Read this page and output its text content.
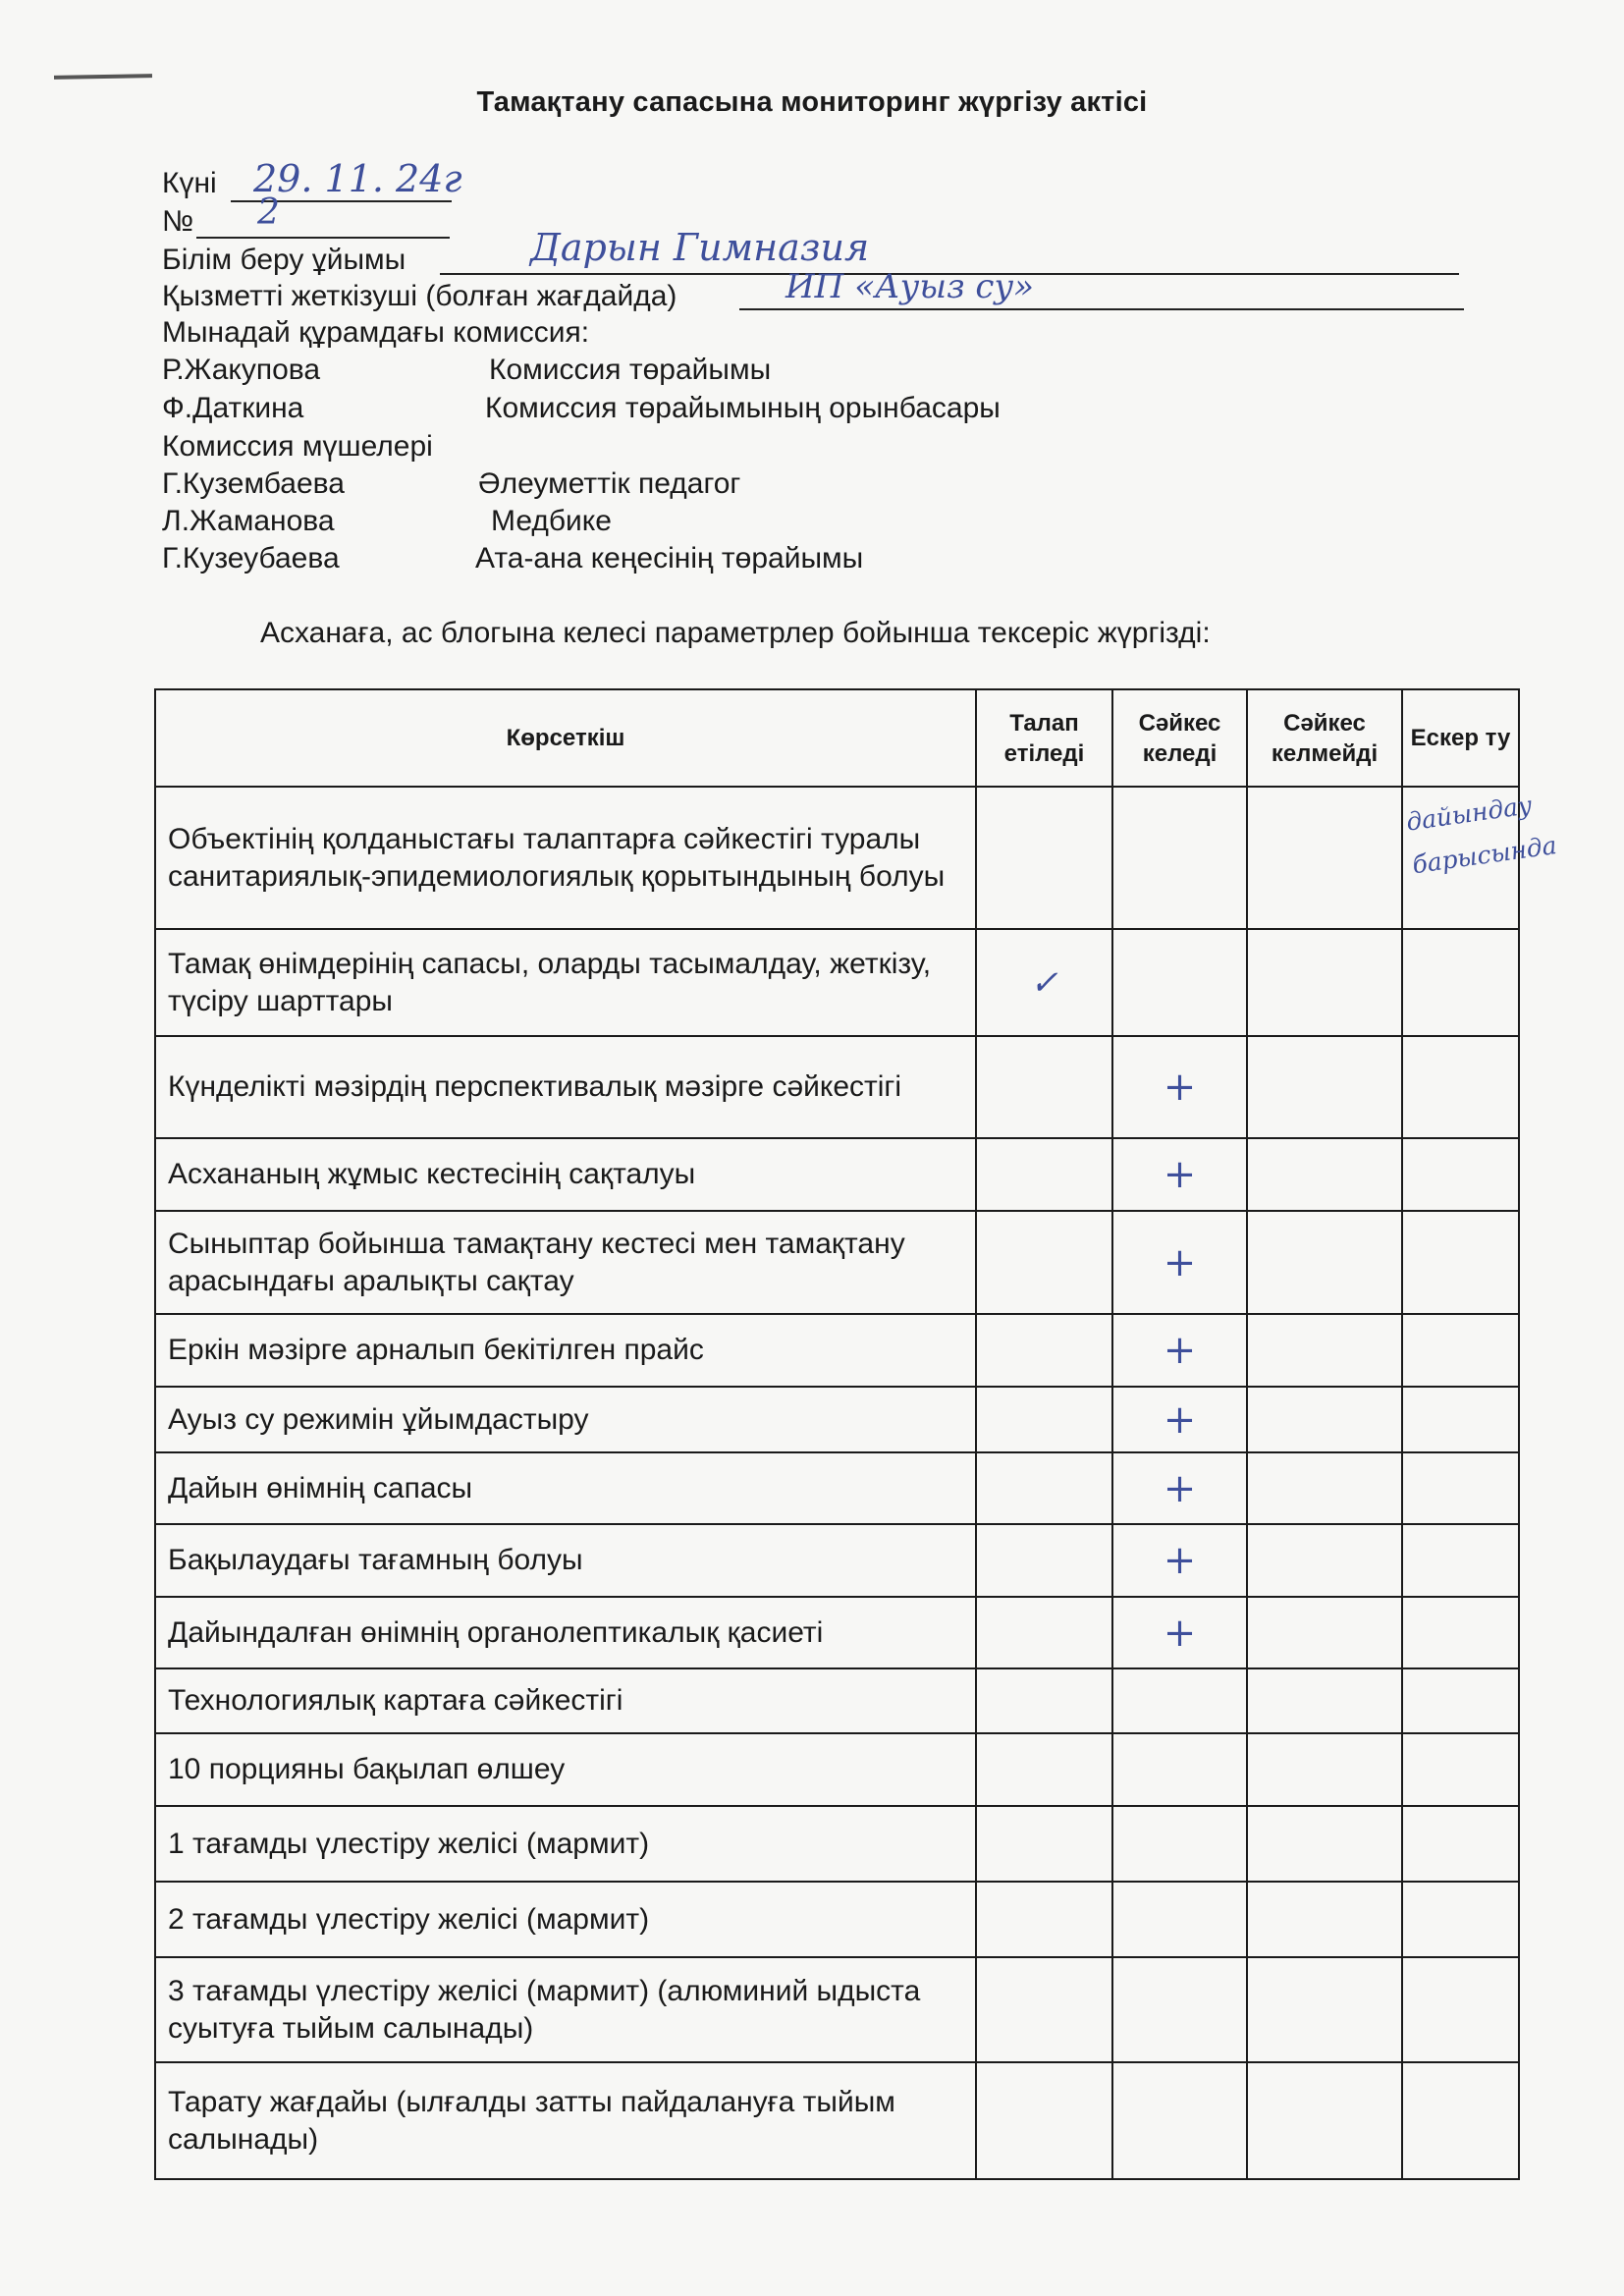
Тамақтану сапасына мониторинг жүргізу актісі
Күні 29. 11. 24г
№ 2
Білім беру ұйымы	Дарын Гимназия
Қызметті жеткізуші (болған жағдайда)	ИП «Ауыз су»
Мынадай құрамдағы комиссия:
Р.Жакупова	Комиссия төрайымы
Ф.Даткина	Комиссия төрайымының орынбасары
Комиссия мүшелері
Г.Кузембаева	Әлеуметтік педагог
Л.Жаманова	Медбике
Г.Кузеубаева	Ата-ана кеңесінің төрайымы
Асханаға, ас блогына келесі параметрлер бойынша тексеріс жүргізді:
Көрсеткіш	Талап етіледі	Сәйкес келеді	Сәйкес келмейді	Ескер ту
Объектінің қолданыстағы талаптарға сәйкестігі туралы санитариялық-эпидемиологиялық қорытындының болуы				дайындау барысында

Тамақ өнімдерінің сапасы, оларды тасымалдау, жеткізу, түсіру шарттары	✓			
Күнделікті мәзірдің перспективалық мәзірге сәйкестігі		+		
Асхананың жұмыс кестесінің сақталуы		+		
Сыныптар бойынша тамақтану кестесі мен тамақтану арасындағы аралықты сақтау		+		
Еркін мәзірге арналып бекітілген прайс		+		
Ауыз су режимін ұйымдастыру		+		
Дайын өнімнің сапасы		+		
Бақылаудағы тағамның болуы		+		
Дайындалған өнімнің органолептикалық қасиеті		+		
Технологиялық картаға сәйкестігі				
10 порцияны бақылап өлшеу				
1 тағамды үлестіру желісі (мармит)				
2 тағамды үлестіру желісі (мармит)				
3 тағамды үлестіру желісі (мармит) (алюминий ыдыста суытуға тыйым салынады)				
Тарату жағдайы (ылғалды затты пайдалануға тыйым салынады)				
